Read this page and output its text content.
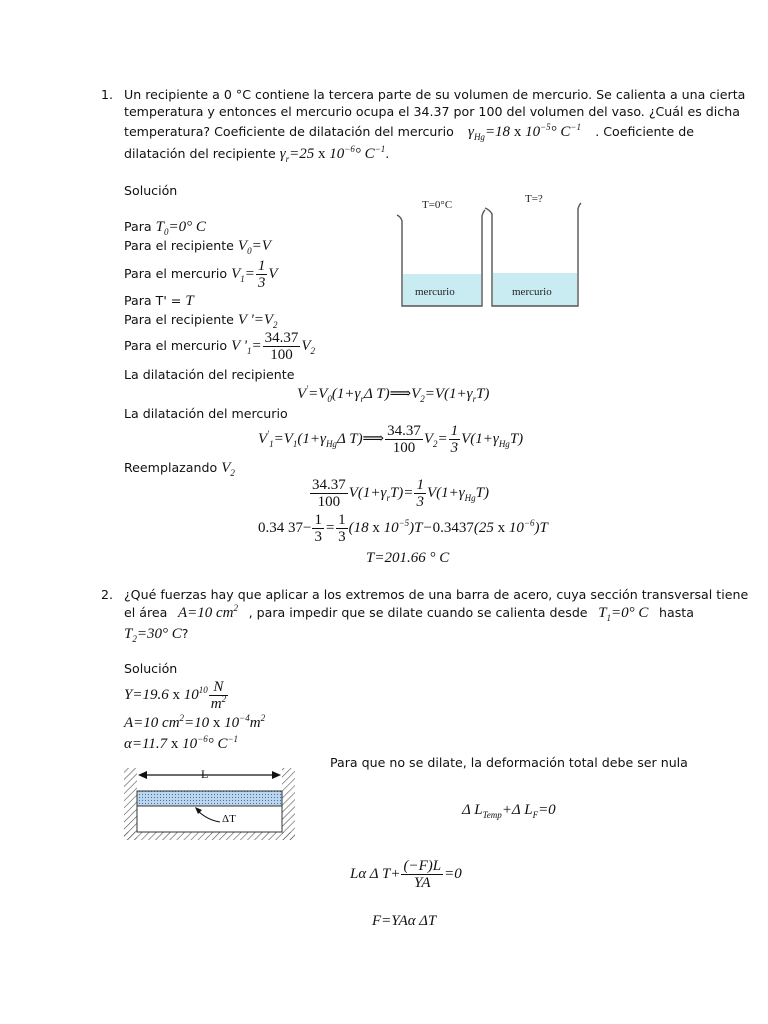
1. Un recipiente a 0 °C contiene la tercera parte de su volumen de mercurio. Se calienta a una cierta
temperatura y entonces el mercurio ocupa el 34.37 por 100 del volumen del vaso. ¿Cuál es dicha
temperatura? Coeficiente de dilatación del mercurio $\gamma_{Hg}=18$ x $10^{-5}^\circ$ $C^{-1}$ . Coeficiente de
dilatación del recipiente $\gamma_r=25$ x $10^{-6}^\circ$ $C^{-1}$.
Solución
Para $T_0=0^\circ$ C
Para el recipiente $V_0=V$
Para el mercurio $V_1= \frac{1}{3}$ V
Para T' = T
Para el recipiente V '$=V_2$
Para el mercurio V '$_1= \frac{34.37}{100} V_2$
La dilatación del recipiente
$V'=V_0(1+\gamma_r\Delta$ $T)⟹V_2=V(1+\gamma_rT)$
La dilatación del mercurio
$V'_1=V_1(1+\gamma_{Hg}\Delta$ T)⟹ $\frac{34.37}{100} V_2= \frac{1}{3} V(1+\gamma_{Hg}T)$
Reemplazando $V_2$
$\frac{34.37}{100} V(1+\gamma_rT)= \frac{1}{3} V(1+\gamma_{Hg}T)$
0.34 $37- \frac{1}{3} = \frac{1}{3} (18$ x $10^{-5})T-0.3437(25$ x $10^{-6})T$
T=201.66 ° C
T=0°C	T=?
mercurio	mercurio
2. ¿Qué fuerzas hay que aplicar a los extremos de una barra de acero, cuya sección transversal tiene
el área A=10 $cm^2$ , para impedir que se dilate cuando se calienta desde $T_1=0^\circ$ C hasta
$T_2=30^\circ$ C?
Solución
Y=19.6 x $10^{10} \frac{N}{m^2}$
A=10 $cm^2=10$ x $10^{-4}m^2$
α=11.7 x $10^{-6}^\circ$ $C^{-1}$
L
ΔT
Para que no se dilate, la deformación total debe ser nula
Δ $L_{Temp}+\Delta$ $L_F=0$
Lα Δ $T+ \frac{(-F)L}{YA} =0$
F=YAα ΔT
